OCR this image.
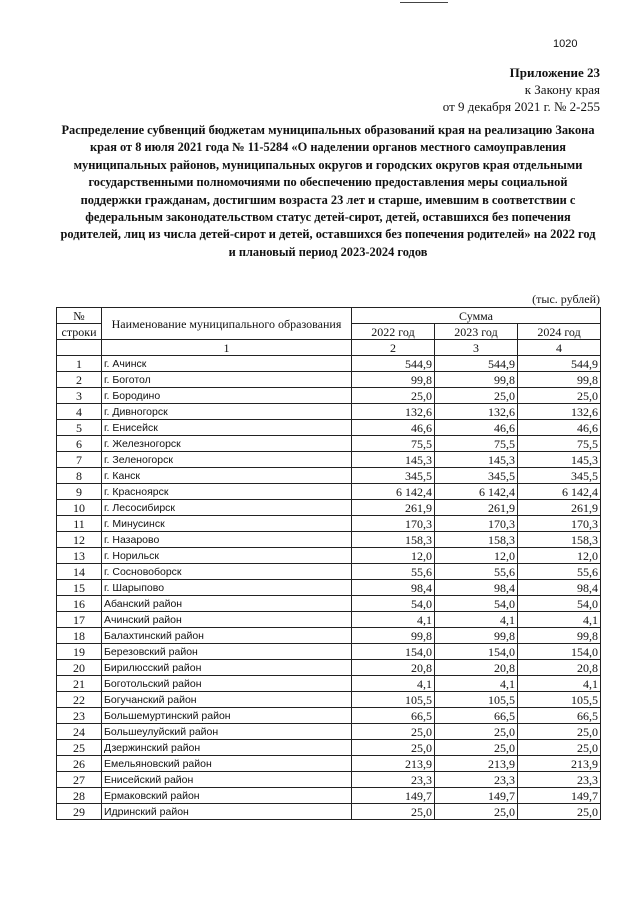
1020
Приложение 23
к Закону края
от 9 декабря 2021 г. № 2-255
Распределение субвенций бюджетам муниципальных образований края на реализацию Закона края от 8 июля 2021 года № 11-5284 «О наделении органов местного самоуправления муниципальных районов, муниципальных округов и городских округов края отдельными государственными полномочиями по обеспечению предоставления меры социальной поддержки гражданам, достигшим возраста 23 лет и старше, имевшим в соответствии с федеральным законодательством статус детей-сирот, детей, оставшихся без попечения родителей, лиц из числа детей-сирот и детей, оставшихся без попечения родителей» на 2022 год и плановый период 2023-2024 годов
(тыс. рублей)
№	Наименование муниципального образования	Сумма		
строки		2022 год	2023 год	2024 год
	1	2	3	4
1	г. Ачинск	544,9	544,9	544,9
2	г. Боготол	99,8	99,8	99,8
3	г. Бородино	25,0	25,0	25,0
4	г. Дивногорск	132,6	132,6	132,6
5	г. Енисейск	46,6	46,6	46,6
6	г. Железногорск	75,5	75,5	75,5
7	г. Зеленогорск	145,3	145,3	145,3
8	г. Канск	345,5	345,5	345,5
9	г. Красноярск	6 142,4	6 142,4	6 142,4
10	г. Лесосибирск	261,9	261,9	261,9
11	г. Минусинск	170,3	170,3	170,3
12	г. Назарово	158,3	158,3	158,3
13	г. Норильск	12,0	12,0	12,0
14	г. Сосновоборск	55,6	55,6	55,6
15	г. Шарыпово	98,4	98,4	98,4
16	Абанский район	54,0	54,0	54,0
17	Ачинский район	4,1	4,1	4,1
18	Балахтинский район	99,8	99,8	99,8
19	Березовский район	154,0	154,0	154,0
20	Бирилюсский район	20,8	20,8	20,8
21	Боготольский район	4,1	4,1	4,1
22	Богучанский район	105,5	105,5	105,5
23	Большемуртинский район	66,5	66,5	66,5
24	Большеулуйский район	25,0	25,0	25,0
25	Дзержинский район	25,0	25,0	25,0
26	Емельяновский район	213,9	213,9	213,9
27	Енисейский район	23,3	23,3	23,3
28	Ермаковский район	149,7	149,7	149,7
29	Идринский район	25,0	25,0	25,0
